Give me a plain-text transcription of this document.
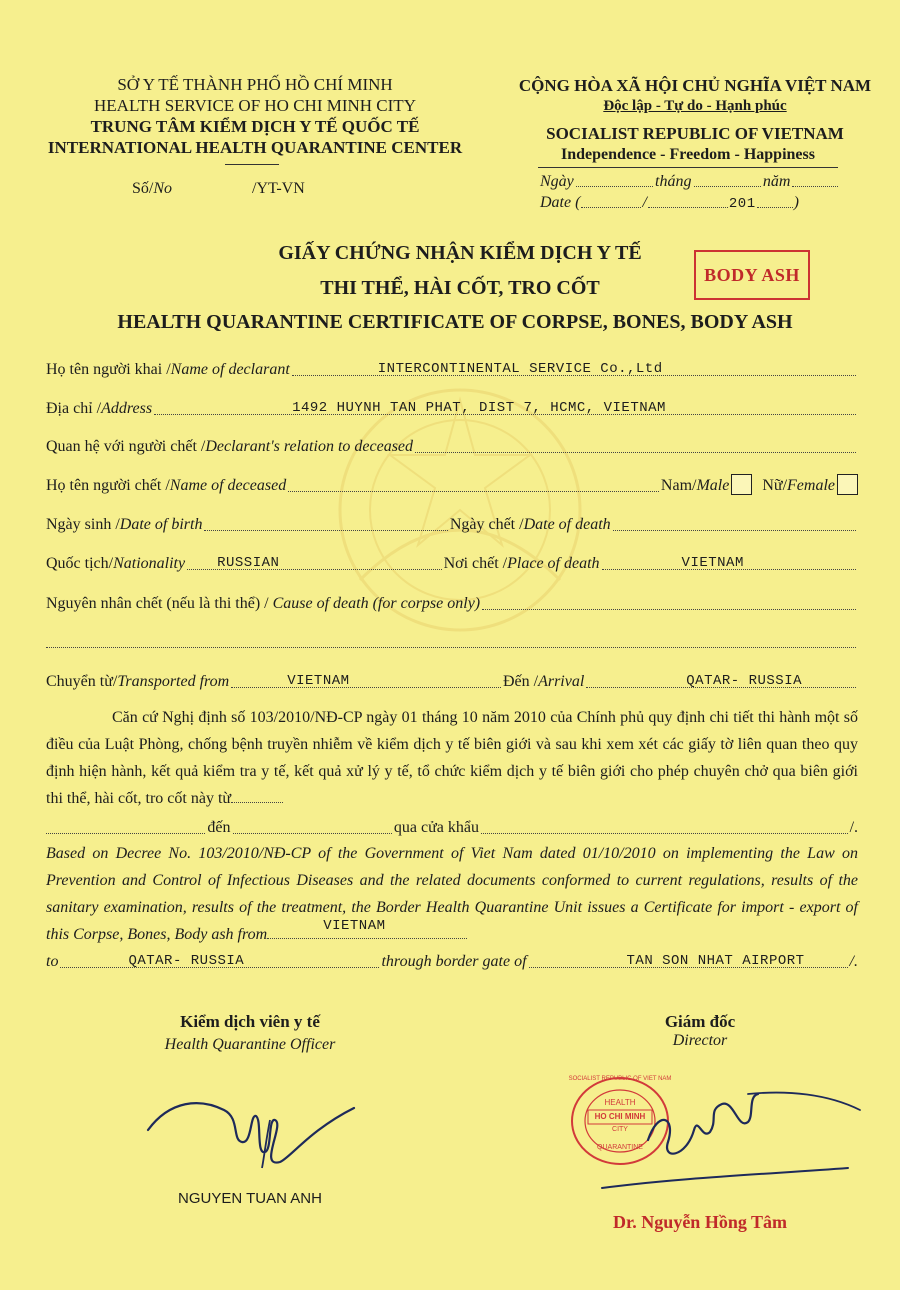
SỞ Y TẾ THÀNH PHỐ HỒ CHÍ MINH
HEALTH SERVICE OF HO CHI MINH CITY
TRUNG TÂM KIỂM DỊCH Y TẾ QUỐC TẾ
INTERNATIONAL HEALTH QUARANTINE CENTER
Số/No	/YT-VN
CỘNG HÒA XÃ HỘI CHỦ NGHĨA VIỆT NAM
Độc lập - Tự do - Hạnh phúc
SOCIALIST REPUBLIC OF VIETNAM
Independence - Freedom - Happiness
Ngày	tháng	năm
Date (	/	201 )
GIẤY CHỨNG NHẬN KIỂM DỊCH Y TẾ
THI THỂ, HÀI CỐT, TRO CỐT
HEALTH QUARANTINE CERTIFICATE OF CORPSE, BONES, BODY ASH
BODY ASH
Họ tên người khai / Name of declarant	INTERCONTINENTAL SERVICE Co.,Ltd
Địa chỉ / Address	1492 HUYNH TAN PHAT, DIST 7, HCMC, VIETNAM
Quan hệ với người chết / Declarant's relation to deceased
Họ tên người chết / Name of deceased	Nam/ Male Nữ/ Female
Ngày sinh / Date of birth	Ngày chết / Date of death
Quốc tịch/ Nationality RUSSIAN	Nơi chết / Place of death	VIETNAM
Nguyên nhân chết (nếu là thi thể) /
Cause of death (for corpse only)
Chuyển từ/ Transported from	VIETNAM	Đến / Arrival	QATAR- RUSSIA
Căn cứ Nghị định số 103/2010/NĐ-CP ngày 01 tháng 10 năm 2010 của Chính phủ quy định chi tiết thi hành một số điều của Luật Phòng, chống bệnh truyền nhiễm về kiểm dịch y tế biên giới và sau khi xem xét các giấy tờ liên quan theo quy định hiện hành, kết quả kiểm tra y tế, kết quả xử lý y tế, tổ chức kiểm dịch y tế biên giới cho phép chuyên chở qua biên giới thi thể, hài cốt, tro cốt này từ
đến	qua cửa khẩu	/.
Based on Decree No. 103/2010/NĐ-CP of the Government of Viet Nam dated 01/10/2010 on implementing the Law on Prevention and Control of Infectious Diseases and the related documents conformed to current regulations, results of the sanitary examination, results of the treatment, the Border Health Quarantine Unit issues a Certificate for import - export of this Corpse, Bones, Body ash from	VIETNAM
to	QATAR- RUSSIA	through border gate of	TAN SON NHAT AIRPORT	/.
Kiểm dịch viên y tế
Health Quarantine Officer
NGUYEN TUAN ANH
Giám đốc
Director
SOCIALIST REPUBLIC OF VIET NAM
HEALTH
HO CHI MINH
CITY
QUARANTINE
Dr. Nguyễn Hồng Tâm
